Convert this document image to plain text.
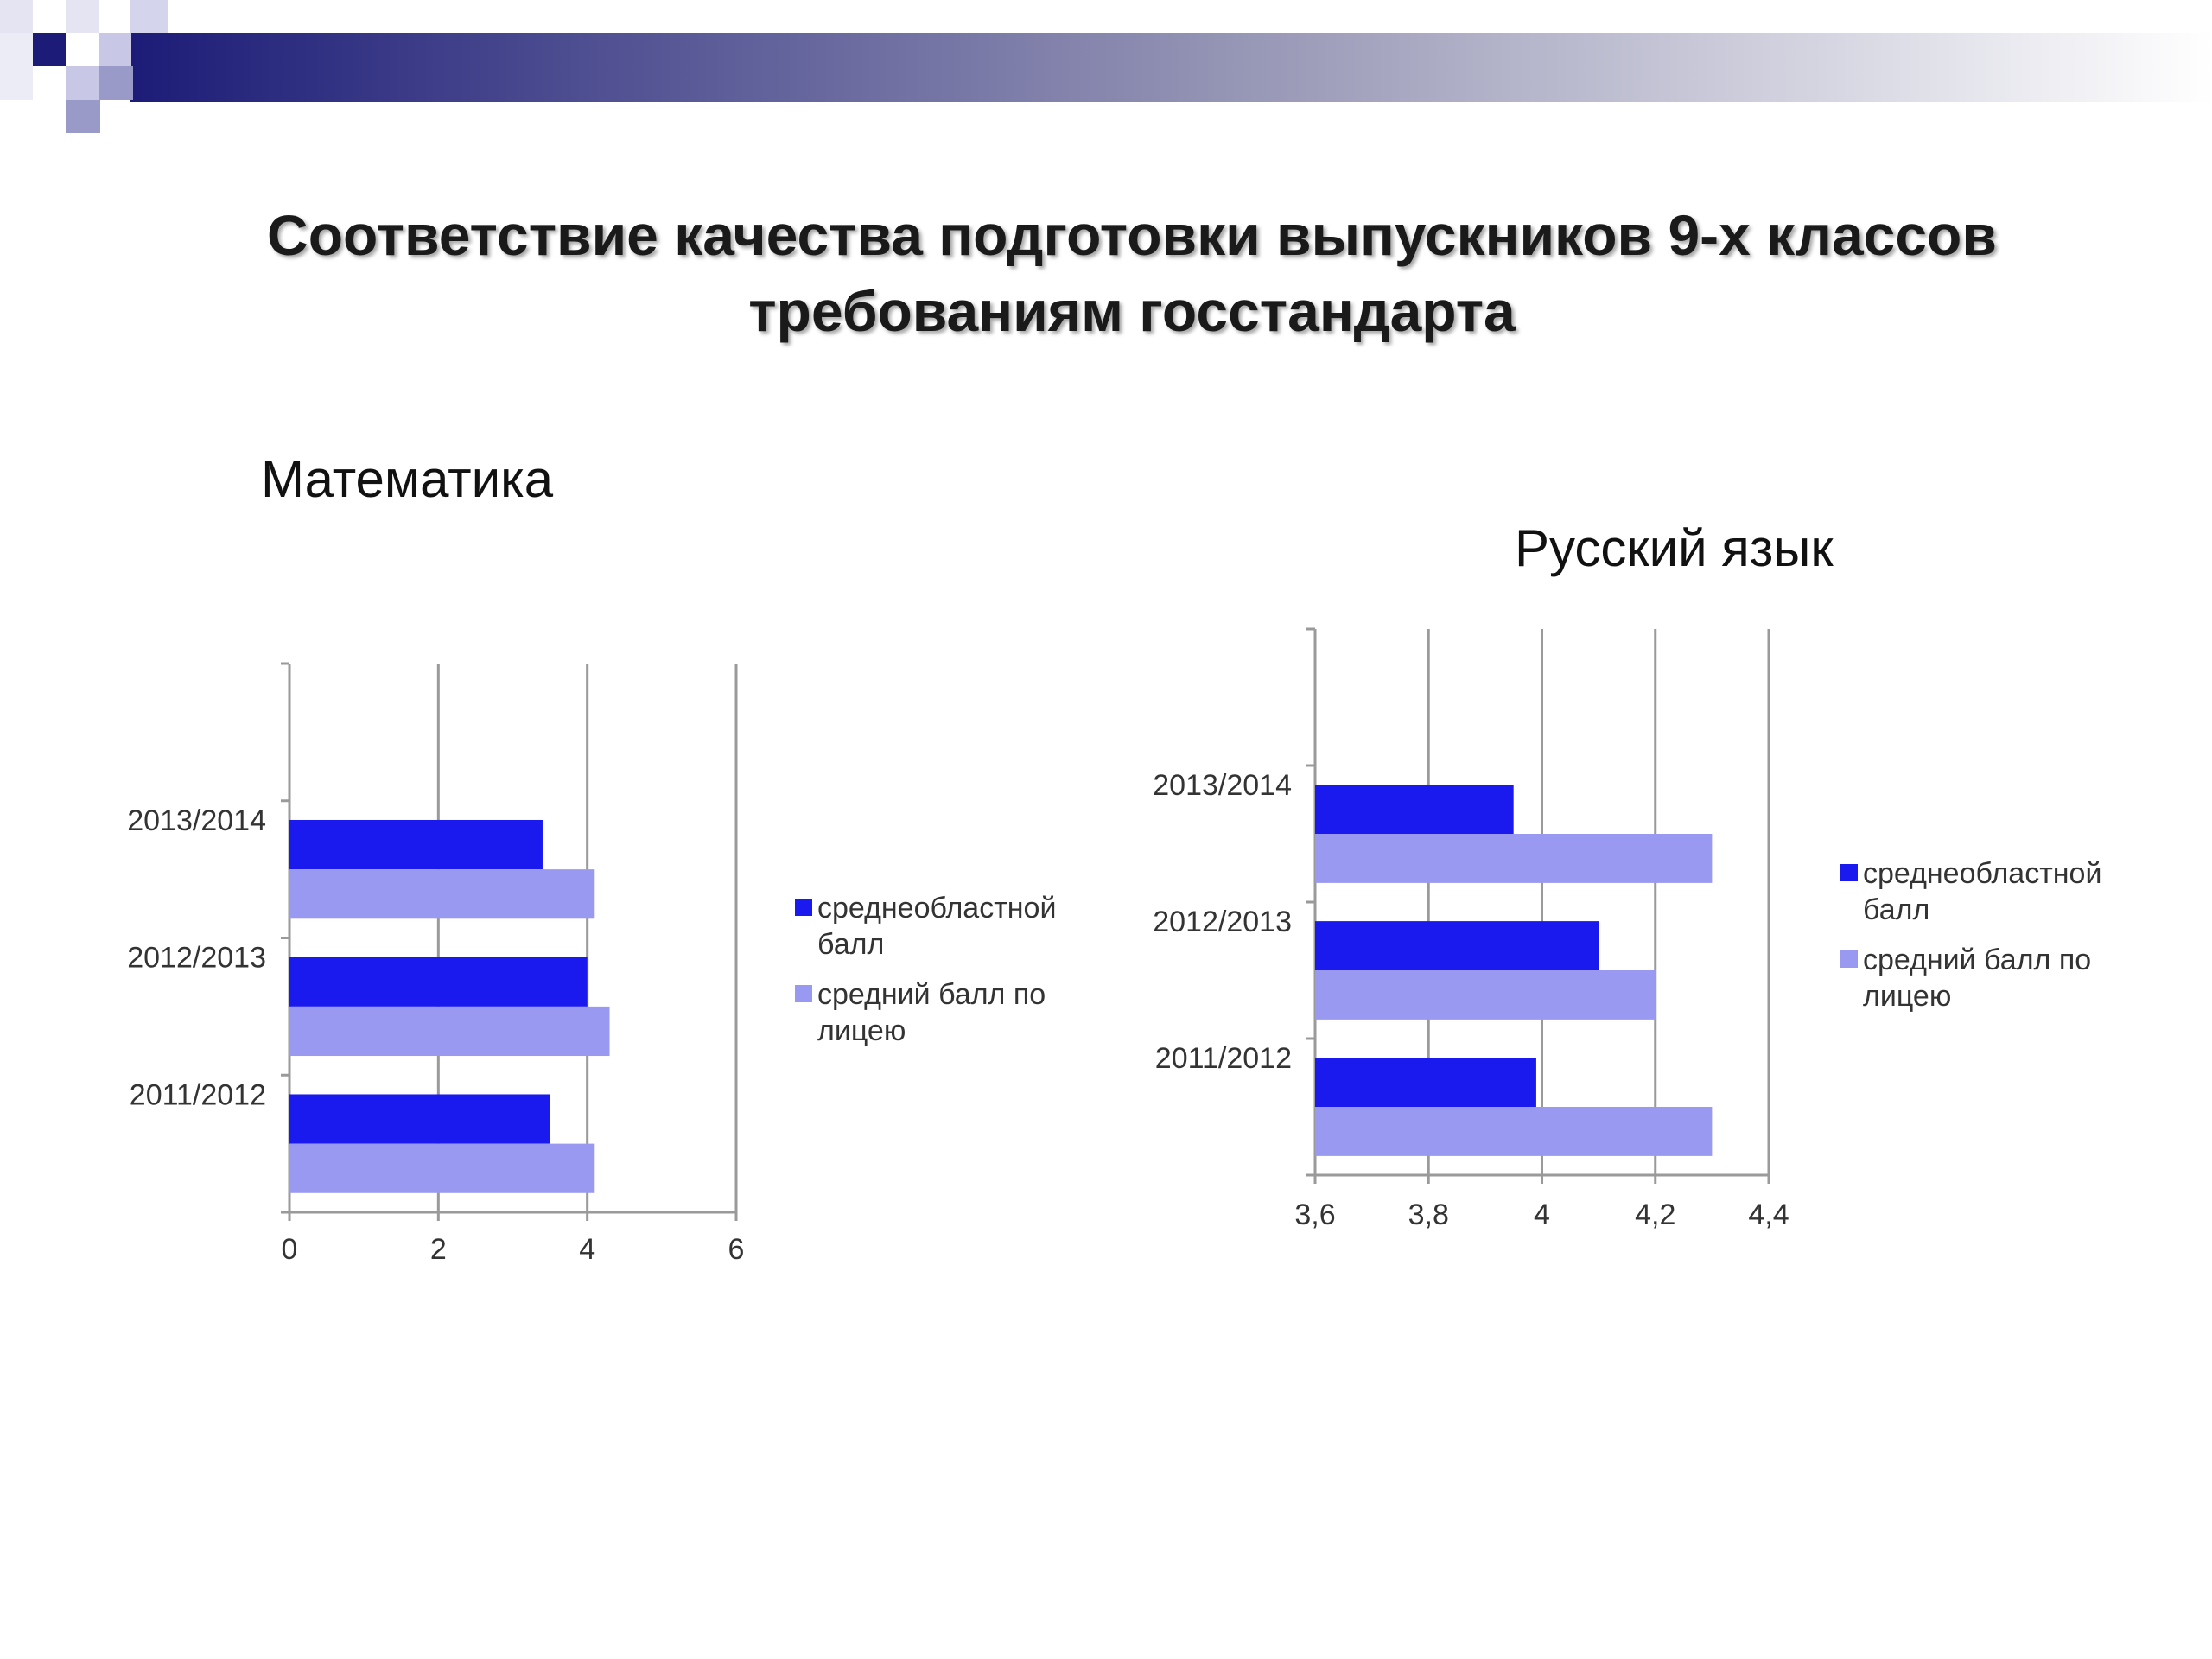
Соответствие качества подготовки выпускников 9-х классов требованиям госстандарта
Математика
Русский язык
0	2	4	6
2011/2012
2012/2013
2013/2014
среднеобластной балл
средний балл по лицею
3,6 3,8	4	4,2 4,4
2011/2012
2012/2013
2013/2014
среднеобластной балл
средний балл по лицею
